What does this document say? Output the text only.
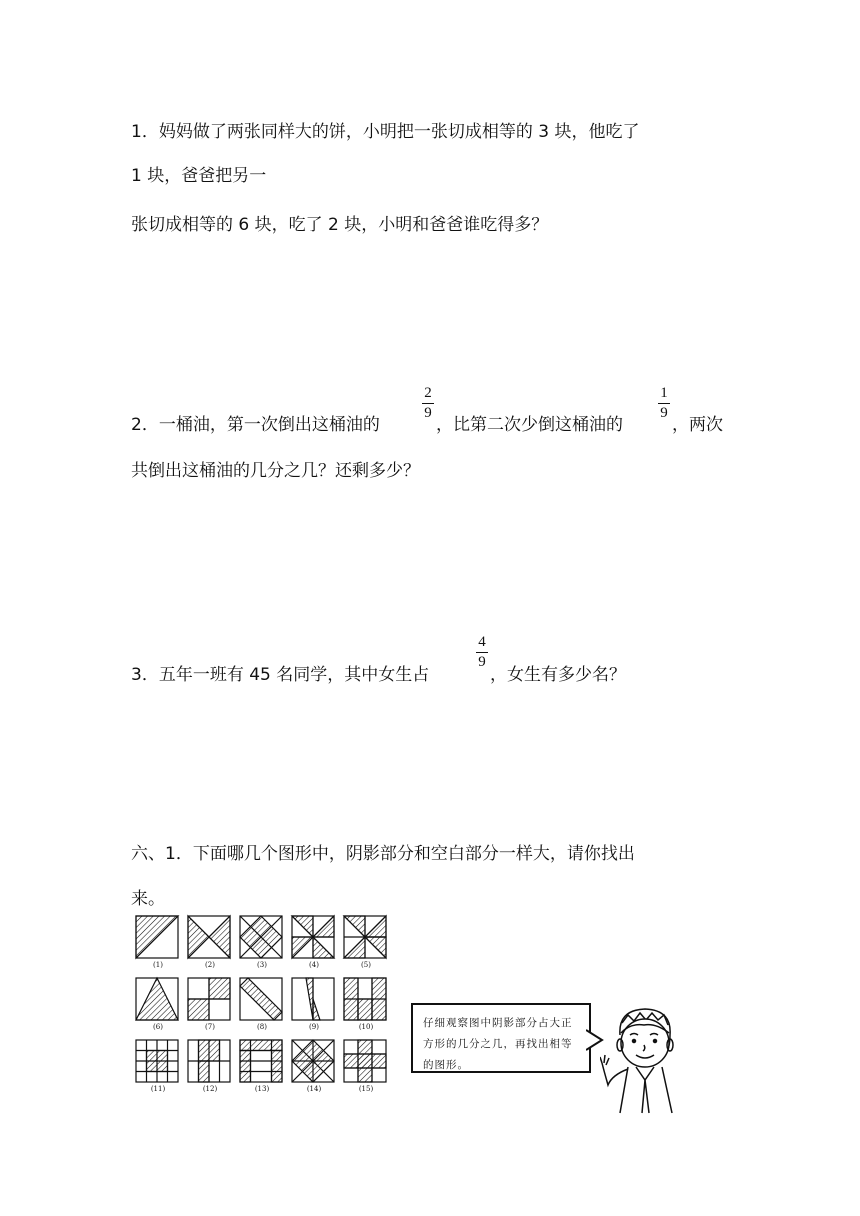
1．妈妈做了两张同样大的饼，小明把一张切成相等的 3 块，他吃了
1 块，爸爸把另一
张切成相等的 6 块，吃了 2 块，小明和爸爸谁吃得多？
2．一桶油，第一次倒出这桶油的
2
9
，比第二次少倒这桶油的
1
9
，两次
共倒出这桶油的几分之几？还剩多少？
3．五年一班有 45 名同学，其中女生占
4
9
，女生有多少名？
六、1．下面哪几个图形中，阴影部分和空白部分一样大，请你找出
来。
(1)	(2)	(3)	(4)	(5)
(6)	(7)	(8)	(9)	(10)
(11)	(12)	(13)	(14)	(15)
仔细观察图中阴影部分占大正方形的几分之几，再找出相等的图形。
